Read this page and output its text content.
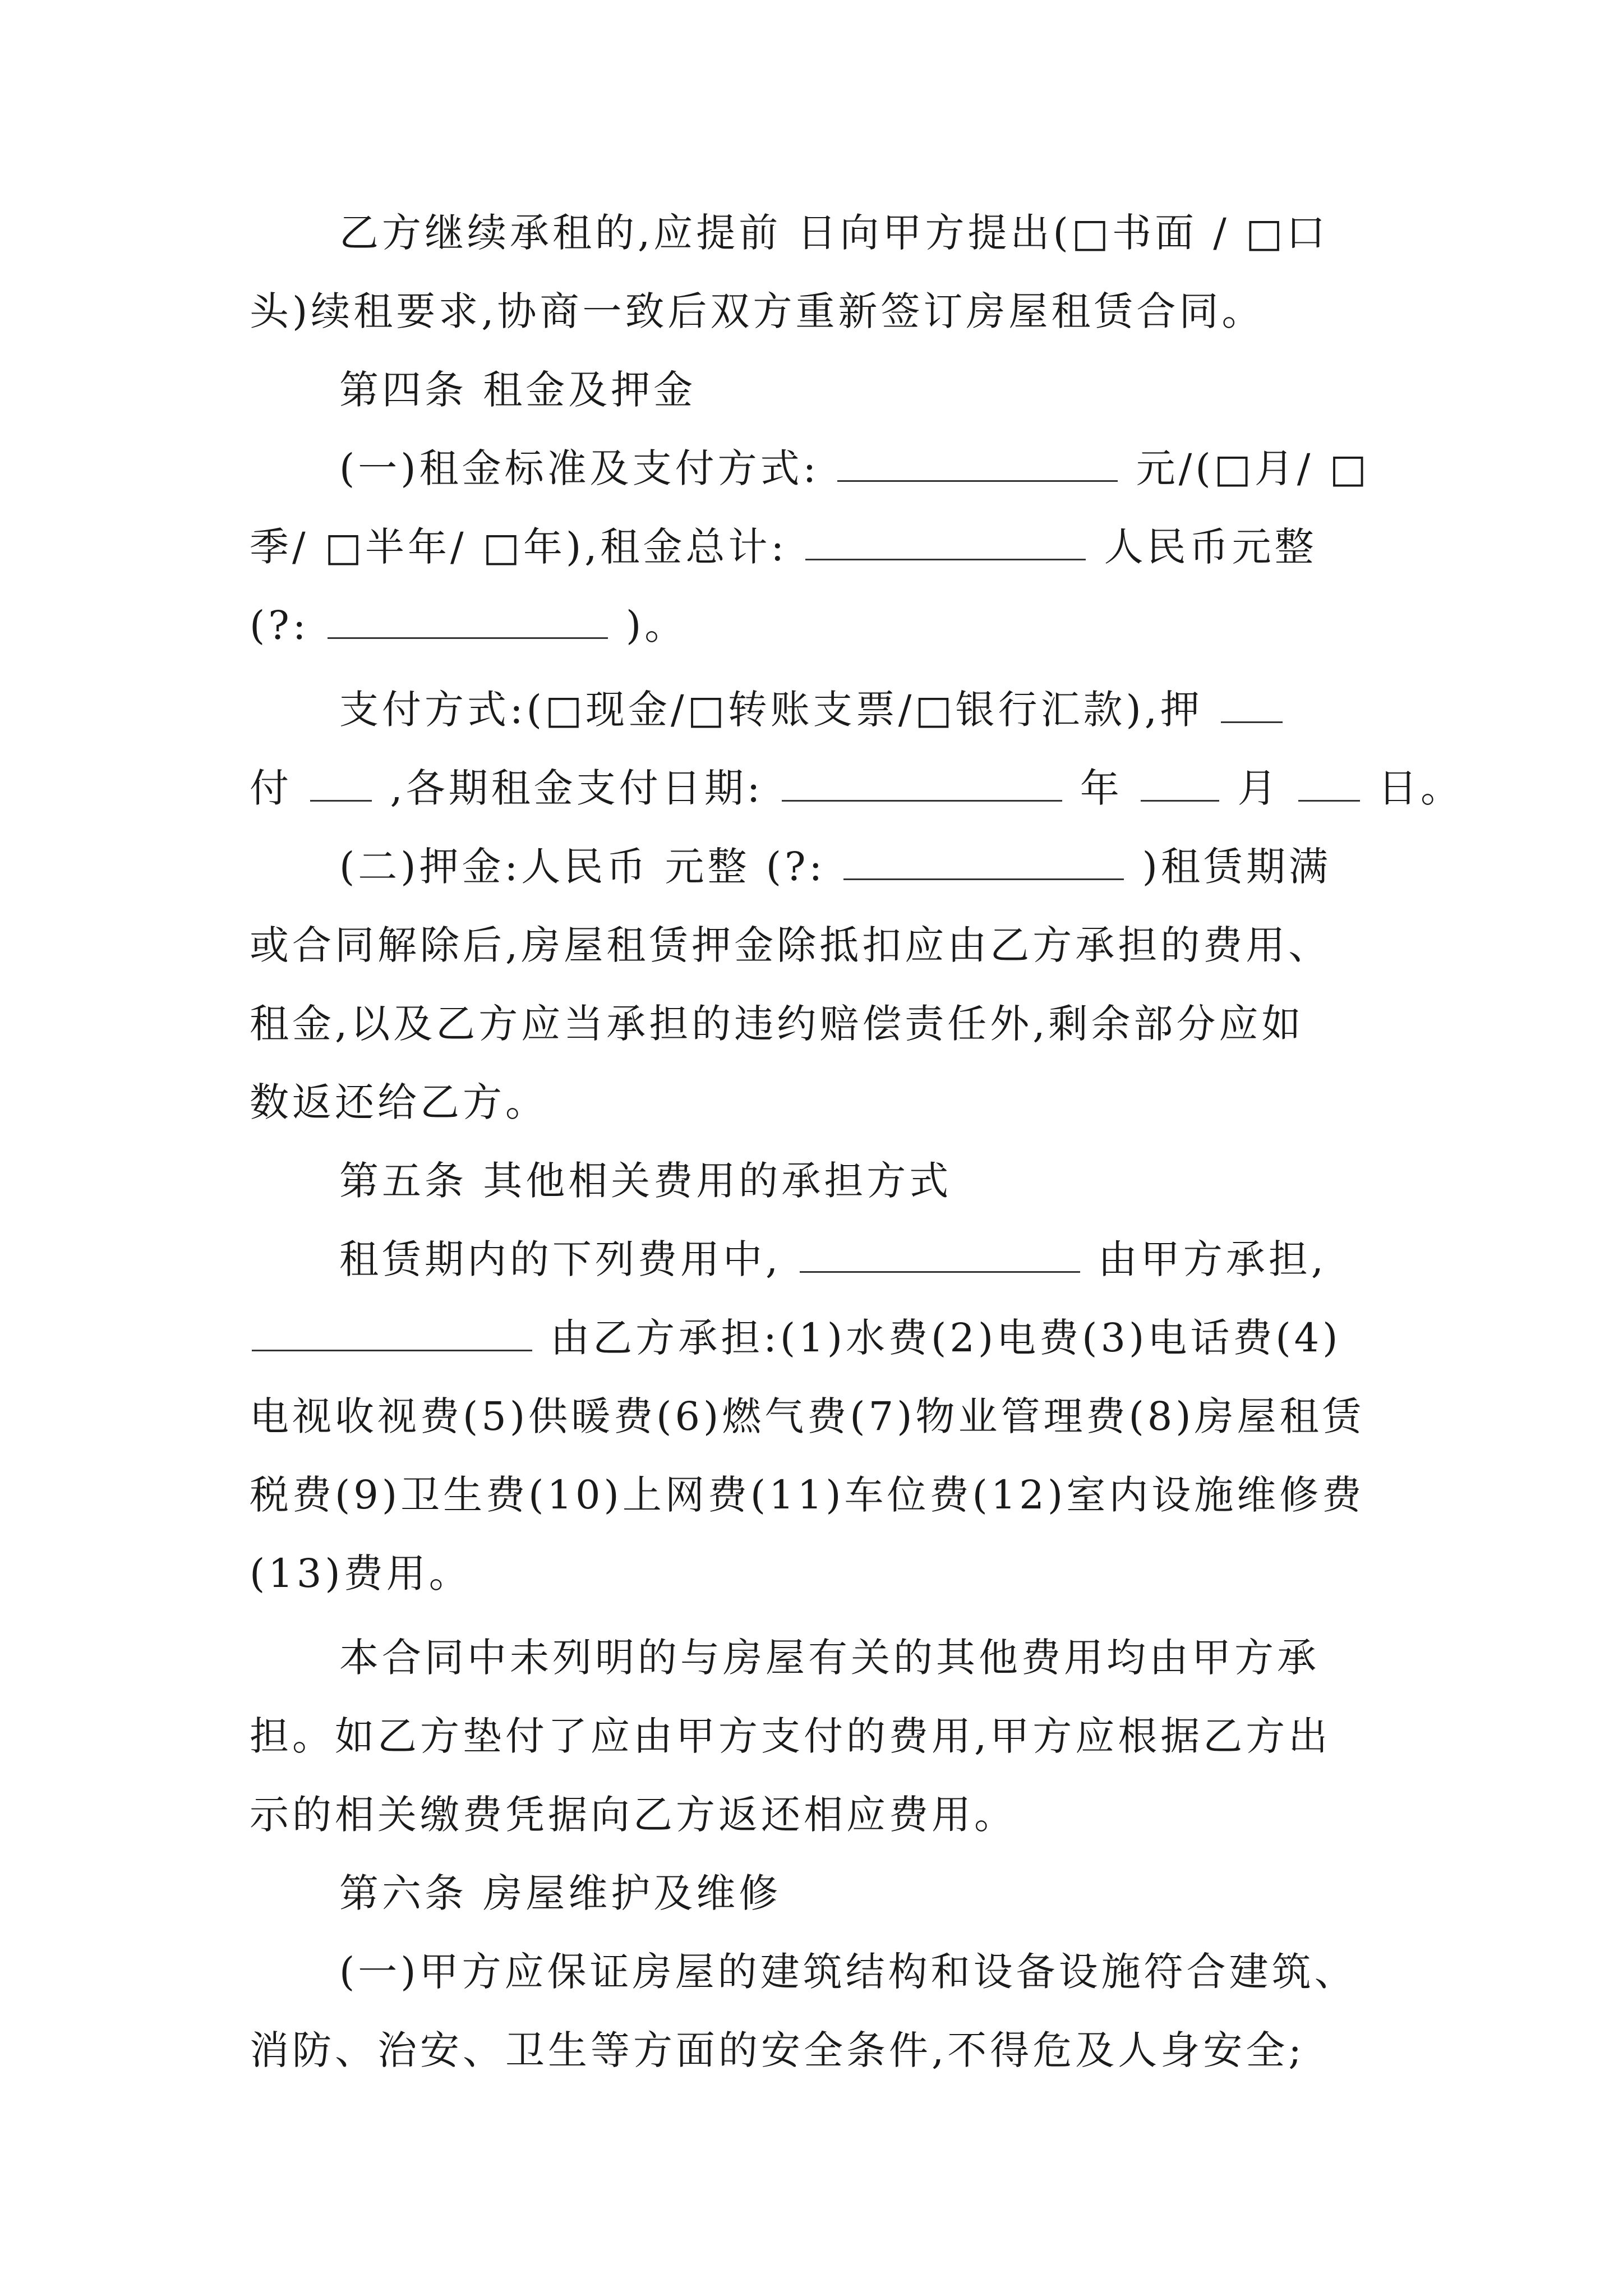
乙方继续承租的,应提前 日向甲方提出(□书面 / □口
头)续租要求,协商一致后双方重新签订房屋租赁合同。
第四条 租金及押金
(一)租金标准及支付方式:	元/(□月/ □
季/ □半年/ □年),租金总计:	人民币元整
(?:	)。
支付方式:(□现金/□转账支票/□银行汇款),押
付 ,各期租金支付日期:	年	月 日。
(二)押金:人民币 元整 (?:	)租赁期满
或合同解除后,房屋租赁押金除抵扣应由乙方承担的费用、
租金,以及乙方应当承担的违约赔偿责任外,剩余部分应如
数返还给乙方。
第五条 其他相关费用的承担方式
租赁期内的下列费用中,	由甲方承担,
由乙方承担:(1)水费(2)电费(3)电话费(4)
电视收视费(5)供暖费(6)燃气费(7)物业管理费(8)房屋租赁
税费(9)卫生费(10)上网费(11)车位费(12)室内设施维修费
(13)费用。
本合同中未列明的与房屋有关的其他费用均由甲方承
担。如乙方垫付了应由甲方支付的费用,甲方应根据乙方出
示的相关缴费凭据向乙方返还相应费用。
第六条 房屋维护及维修
(一)甲方应保证房屋的建筑结构和设备设施符合建筑、
消防、治安、卫生等方面的安全条件,不得危及人身安全;
